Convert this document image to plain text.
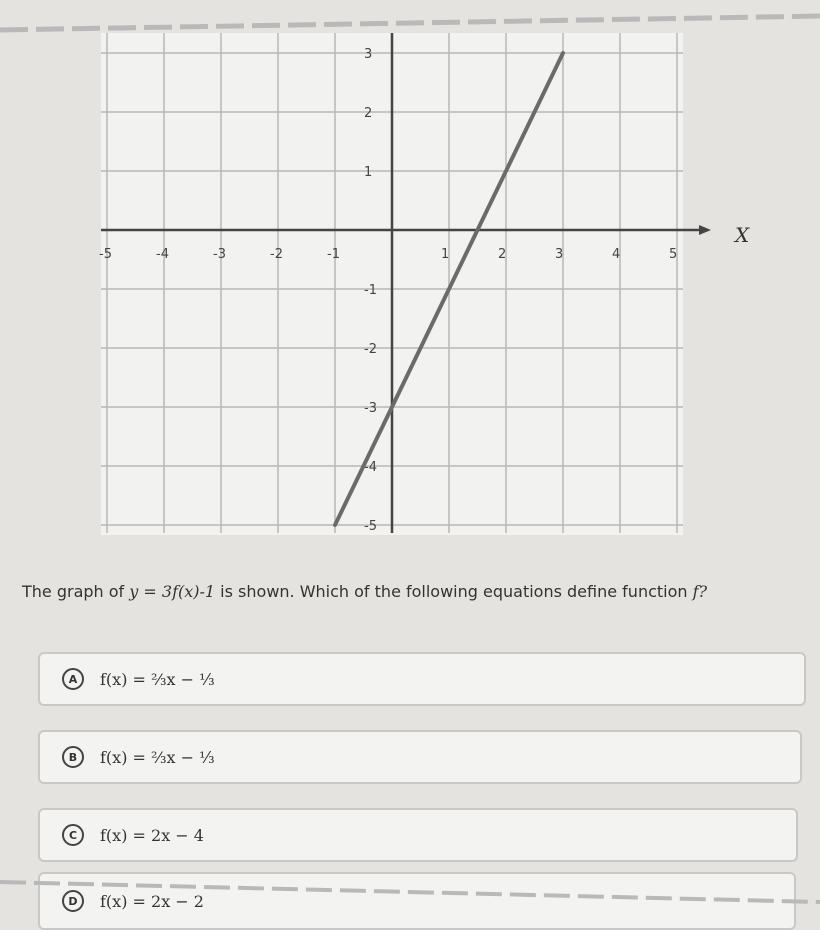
-5	-4	-3	-2	-1	1	2	3	4	5
-5
-4
-3
-2
-1
1
2
3
X
The graph of y = 3f(x)-1 is shown. Which of the following equations define function f?
A	f(x) = ⅔x − ⅓
B	f(x) = ⅔x − ⅓
C	f(x) = 2x − 4
D	f(x) = 2x − 2
